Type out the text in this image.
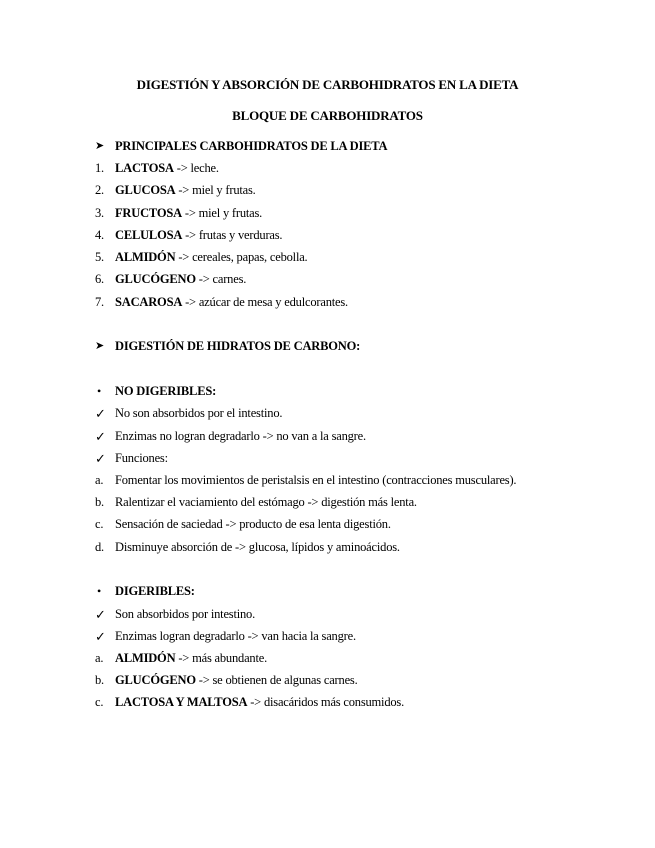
DIGESTIÓN Y ABSORCIÓN DE CARBOHIDRATOS EN LA DIETA
BLOQUE DE CARBOHIDRATOS
➤ PRINCIPALES CARBOHIDRATOS DE LA DIETA
1. LACTOSA -> leche.
2. GLUCOSA -> miel y frutas.
3. FRUCTOSA -> miel y frutas.
4. CELULOSA -> frutas y verduras.
5. ALMIDÓN -> cereales, papas, cebolla.
6. GLUCÓGENO -> carnes.
7. SACAROSA -> azúcar de mesa y edulcorantes.
➤ DIGESTIÓN DE HIDRATOS DE CARBONO:
•	NO DIGERIBLES:
✓ No son absorbidos por el intestino.
✓ Enzimas no logran degradarlo -> no van a la sangre.
✓ Funciones:
a. Fomentar los movimientos de peristalsis en el intestino (contracciones musculares).
b. Ralentizar el vaciamiento del estómago -> digestión más lenta.
c. Sensación de saciedad -> producto de esa lenta digestión.
d. Disminuye absorción de -> glucosa, lípidos y aminoácidos.
•	DIGERIBLES:
✓ Son absorbidos por intestino.
✓ Enzimas logran degradarlo -> van hacia la sangre.
a. ALMIDÓN -> más abundante.
b. GLUCÓGENO -> se obtienen de algunas carnes.
c. LACTOSA Y MALTOSA -> disacáridos más consumidos.
